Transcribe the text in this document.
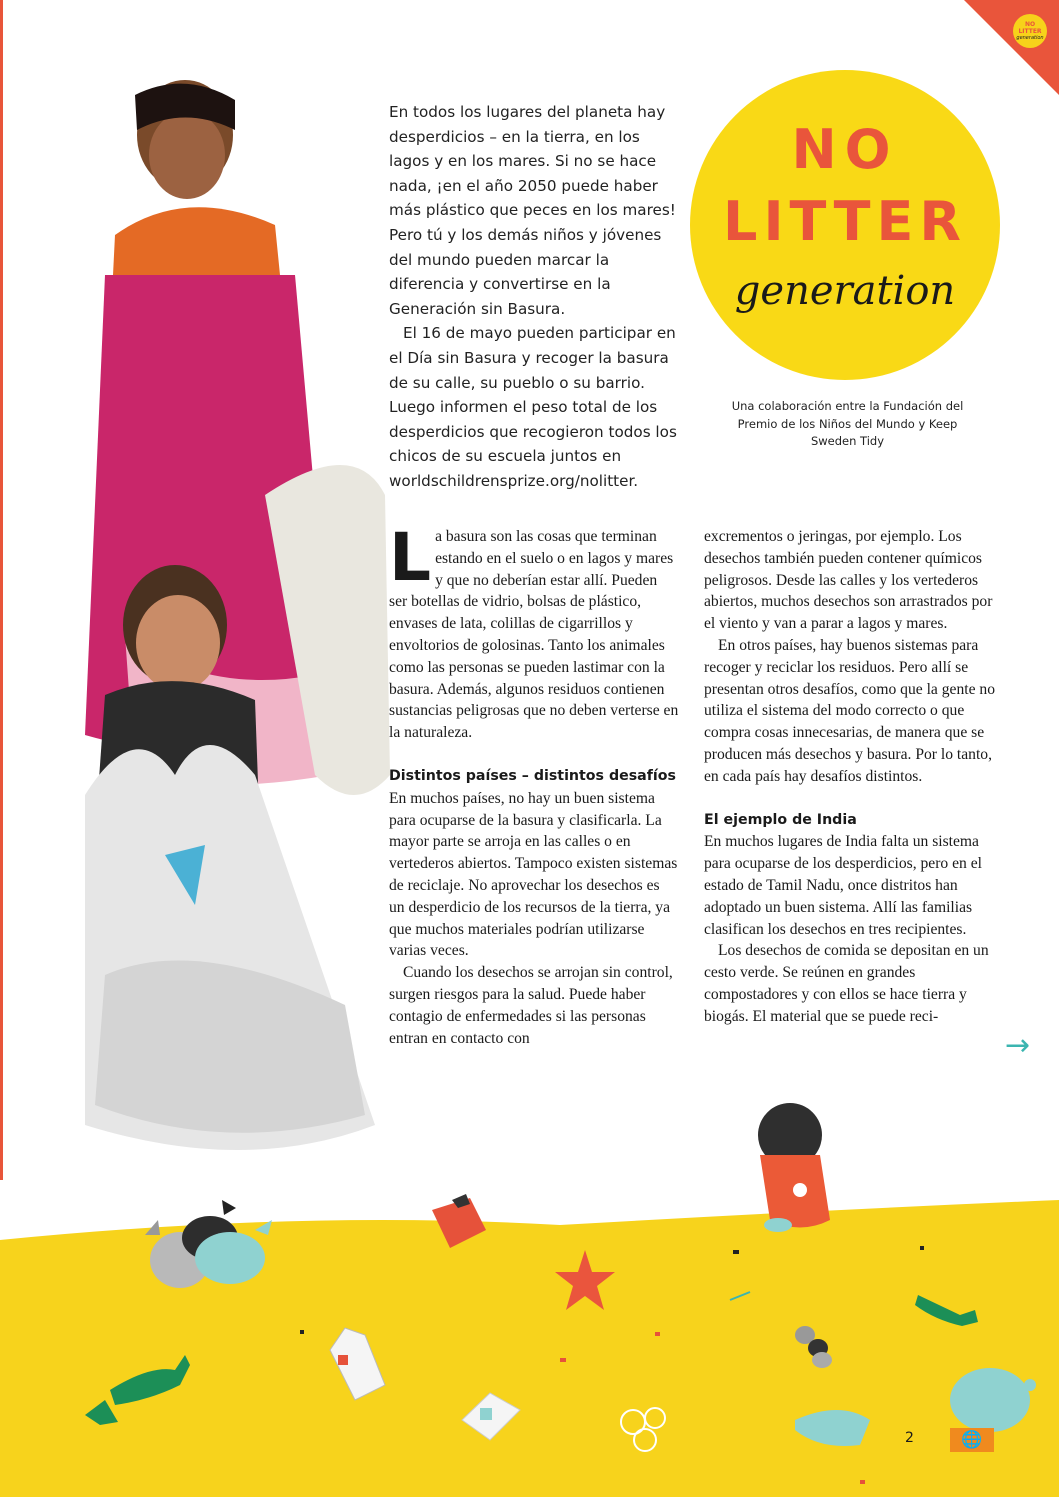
NO
LITTER
generation

En todos los lugares del planeta hay desperdicios – en la tierra, en los lagos y en los mares. Si no se hace nada, ¡en el año 2050 puede haber más plástico que peces en los mares! Pero tú y los demás niños y jóvenes del mundo pueden marcar la diferencia y convertirse en la Generación sin Basura.

El 16 de mayo pueden participar en el Día sin Basura y recoger la basura de su calle, su pueblo o su barrio. Luego informen el peso total de los desperdicios que recogieron todos los chicos de su escuela juntos en worldschildrensprize.org/nolitter.

NO
LITTER
generation
Una colaboración entre la Fundación del Premio de los Niños del Mundo y Keep Sweden Tidy

La basura son las cosas que terminan estando en el suelo o en lagos y mares y que no deberían estar allí. Pueden ser botellas de vidrio, bolsas de plástico, envases de lata, colillas de cigarrillos y envoltorios de golosinas. Tanto los animales como las personas se pueden lastimar con la basura. Además, algunos residuos contienen sustancias peligrosas que no deben verterse en la naturaleza.

Distintos países – distintos desafíos

En muchos países, no hay un buen sistema para ocuparse de la basura y clasificarla. La mayor parte se arroja en las calles o en vertederos abiertos. Tampoco existen sistemas de reciclaje. No aprovechar los desechos es un desperdicio de los recursos de la tierra, ya que muchos materiales podrían utilizarse varias veces.

Cuando los desechos se arrojan sin control, surgen riesgos para la salud. Puede haber contagio de enfermedades si las personas entran en contacto con

excrementos o jeringas, por ejemplo. Los desechos también pueden contener químicos peligrosos. Desde las calles y los vertederos abiertos, muchos desechos son arrastrados por el viento y van a parar a lagos y mares.

En otros países, hay buenos sistemas para recoger y reciclar los residuos. Pero allí se presentan otros desafíos, como que la gente no utiliza el sistema del modo correcto o que compra cosas innecesarias, de manera que se producen más desechos y basura. Por lo tanto, en cada país hay desafíos distintos.

El ejemplo de India

En muchos lugares de India falta un sistema para ocuparse de los desperdicios, pero en el estado de Tamil Nadu, once distritos han adoptado un buen sistema. Allí las familias clasifican los desechos en tres recipientes.

Los desechos de comida se depositan en un cesto verde. Se reúnen en grandes compostadores y con ellos se hace tierra y biogás. El material que se puede reci-

→
2	🌐
